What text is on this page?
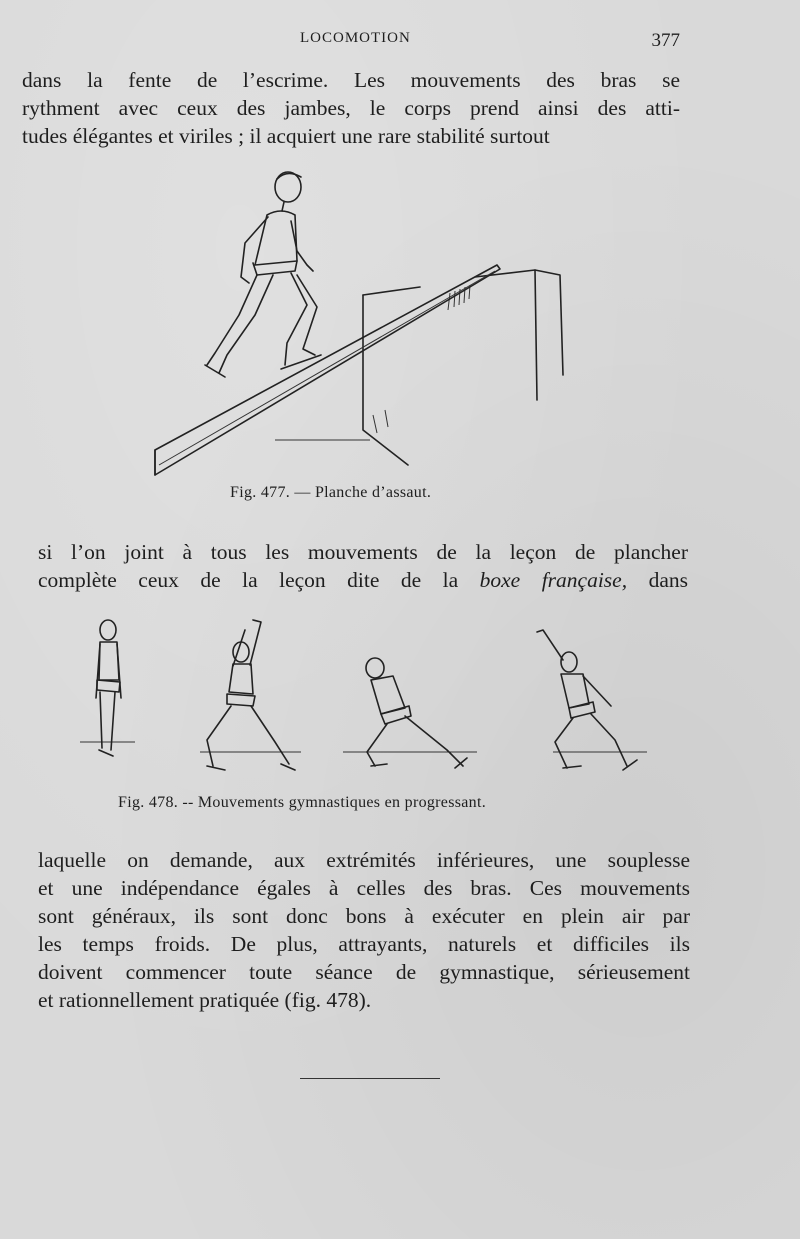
LOCOMOTION	377

dans la fente de l’escrime. Les mouvements des bras se
rythment avec ceux des jambes, le corps prend ainsi des atti-
tudes élégantes et viriles ; il acquiert une rare stabilité surtout

Fig. 477. — Planche d’assaut.

si l’on joint à tous les mouvements de la leçon de plancher
complète ceux de la leçon dite de la boxe française, dans

Fig. 478. -- Mouvements gymnastiques en progressant.

laquelle on demande, aux extrémités inférieures, une souplesse
et une indépendance égales à celles des bras. Ces mouvements
sont généraux, ils sont donc bons à exécuter en plein air par
les temps froids. De plus, attrayants, naturels et difficiles ils
doivent commencer toute séance de gymnastique, sérieusement
et rationnellement pratiquée (fig. 478).
